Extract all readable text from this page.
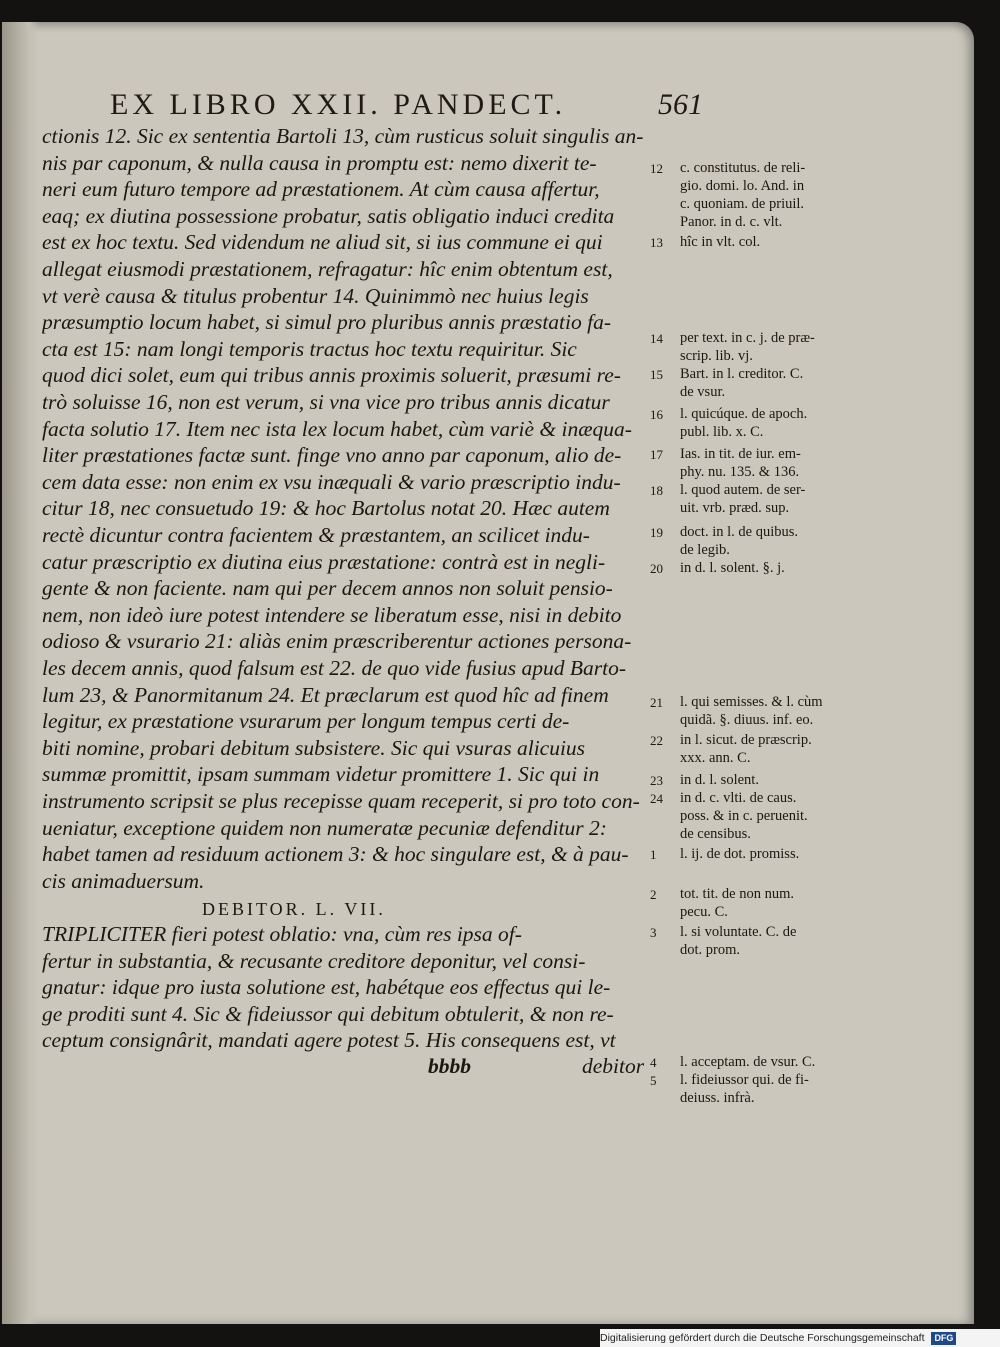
EX LIBRO XXII. PANDECT.	561
ctionis 12. Sic ex sententia Bartoli 13, cùm rusticus soluit singulis an-
nis par caponum, & nulla causa in promptu est: nemo dixerit te-
neri eum futuro tempore ad præstationem. At cùm causa affertur,
eaq; ex diutina possessione probatur, satis obligatio induci credita
est ex hoc textu. Sed videndum ne aliud sit, si ius commune ei qui
allegat eiusmodi præstationem, refragatur: hîc enim obtentum est,
vt verè causa & titulus probentur 14. Quinimmò nec huius legis
præsumptio locum habet, si simul pro pluribus annis præstatio fa-
cta est 15: nam longi temporis tractus hoc textu requiritur. Sic
quod dici solet, eum qui tribus annis proximis soluerit, præsumi re-
trò soluisse 16, non est verum, si vna vice pro tribus annis dicatur
facta solutio 17. Item nec ista lex locum habet, cùm variè & inæqua-
liter præstationes factæ sunt. finge vno anno par caponum, alio de-
cem data esse: non enim ex vsu inæquali & vario præscriptio indu-
citur 18, nec consuetudo 19: & hoc Bartolus notat 20. Hæc autem
rectè dicuntur contra facientem & præstantem, an scilicet indu-
catur præscriptio ex diutina eius præstatione: contrà est in negli-
gente & non faciente. nam qui per decem annos non soluit pensio-
nem, non ideò iure potest intendere se liberatum esse, nisi in debito
odioso & vsurario 21: aliàs enim præscriberentur actiones persona-
les decem annis, quod falsum est 22. de quo vide fusius apud Barto-
lum 23, & Panormitanum 24. Et præclarum est quod hîc ad finem
legitur, ex præstatione vsurarum per longum tempus certi de-
biti nomine, probari debitum subsistere. Sic qui vsuras alicuius
summæ promittit, ipsam summam videtur promittere 1. Sic qui in
instrumento scripsit se plus recepisse quam receperit, si pro toto con-
ueniatur, exceptione quidem non numeratæ pecuniæ defenditur 2:
habet tamen ad residuum actionem 3: & hoc singulare est, & à pau-
cis animaduersum.
DEBITOR. L. VII.
TRIPLICITER fieri potest oblatio: vna, cùm res ipsa of-
fertur in substantia, & recusante creditore deponitur, vel consi-
gnatur: idque pro iusta solutione est, habétque eos effectus qui le-
ge proditi sunt 4. Sic & fideiussor qui debitum obtulerit, & non re-
ceptum consignârit, mandati agere potest 5. His consequens est, vt
bbbb	debitor
12	c. constitutus. de reli-
gio. domi. lo. And. in
c. quoniam. de priuil.
Panor. in d. c. vlt.
13	hîc in vlt. col.
14	per text. in c. j. de præ-
scrip. lib. vj.
15	Bart. in l. creditor. C.
de vsur.
16	l. quicúque. de apoch.
publ. lib. x. C.
17	Ias. in tit. de iur. em-
phy. nu. 135. & 136.
18	l. quod autem. de ser-
uit. vrb. præd. sup.
19	doct. in l. de quibus.
de legib.
20	in d. l. solent. §. j.
21	l. qui semisses. & l. cùm
quidã. §. diuus. inf. eo.
22	in l. sicut. de præscrip.
xxx. ann. C.
23	in d. l. solent.
24	in d. c. vlti. de caus.
poss. & in c. peruenit.
de censibus.
1	l. ij. de dot. promiss.
2	tot. tit. de non num.
pecu. C.
3	l. si voluntate. C. de
dot. prom.
4	l. acceptam. de vsur. C.
5	l. fideiussor qui. de fi-
deiuss. infrà.
Digitalisierung gefördert durch die Deutsche Forschungsgemeinschaft DFG
